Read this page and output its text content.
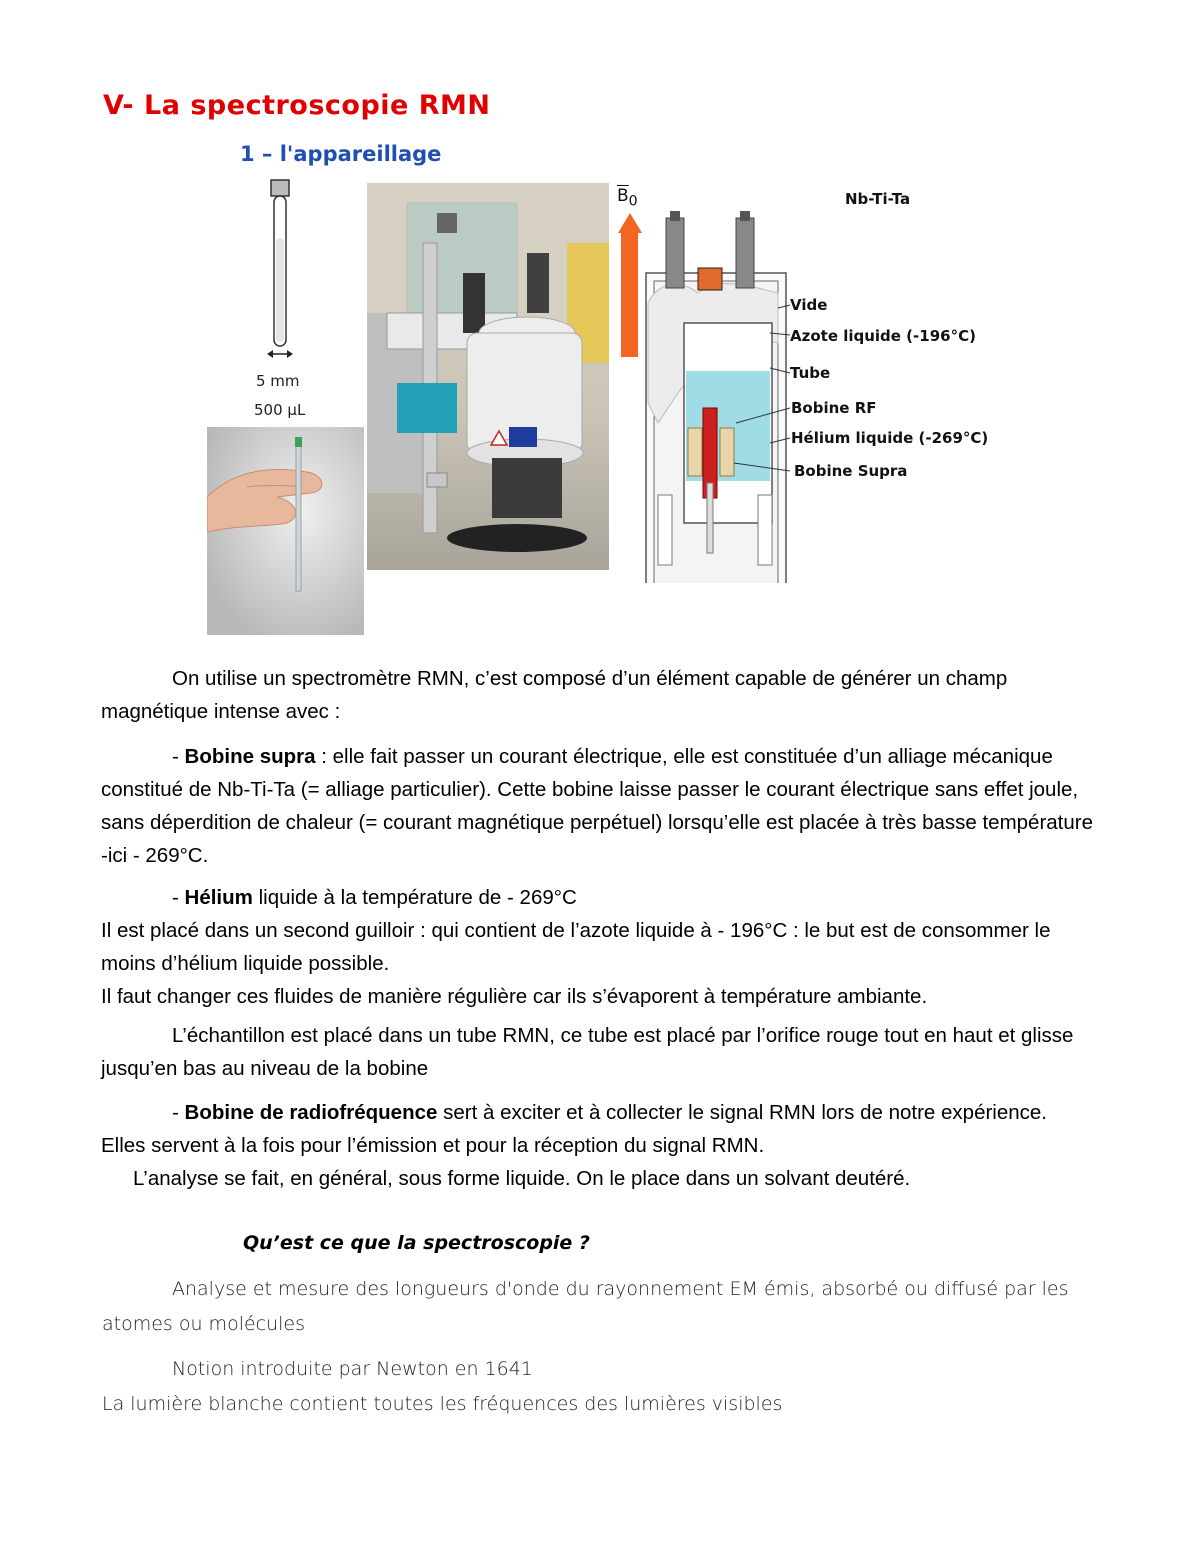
V- La spectroscopie RMN
1 – l'appareillage
5 mm
500 µL
$\overline{B}_0$	Nb-Ti-Ta
Vide
Azote liquide (-196°C)
Tube
Bobine RF
Hélium liquide (-269°C)
Bobine Supra
On utilise un spectromètre RMN, c’est composé d’un élément capable de générer un champ magnétique intense avec :
- Bobine supra : elle fait passer un courant électrique, elle est constituée d’un alliage mécanique constitué de Nb-Ti-Ta (= alliage particulier). Cette bobine laisse passer le courant électrique sans effet joule, sans déperdition de chaleur (= courant magnétique perpétuel) lorsqu’elle est placée à très basse température -ici - 269°C.
- Hélium liquide à la température de - 269°C
Il est placé dans un second guilloir : qui contient de l’azote liquide à - 196°C : le but est de consommer le moins d’hélium liquide possible.
Il faut changer ces fluides de manière régulière car ils s’évaporent à température ambiante.
L’échantillon est placé dans un tube RMN, ce tube est placé par l’orifice rouge tout en haut et glisse jusqu’en bas au niveau de la bobine
- Bobine de radiofréquence sert à exciter et à collecter le signal RMN lors de notre expérience.
Elles servent à la fois pour l’émission et pour la réception du signal RMN.
L’analyse se fait, en général, sous forme liquide. On le place dans un solvant deutéré.
Qu’est ce que la spectroscopie ?
Analyse et mesure des longueurs d'onde du rayonnement EM émis, absorbé ou diffusé par les atomes ou molécules
Notion introduite par Newton en 1641
La lumière blanche contient toutes les fréquences des lumières visibles
